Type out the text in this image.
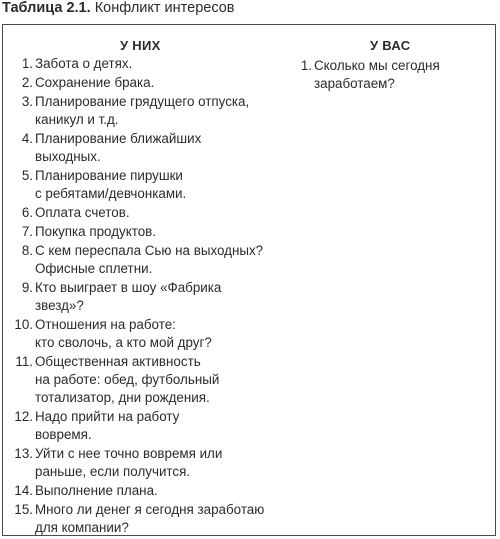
Таблица 2.1. Конфликт интересов
У НИХ	У ВАС
1. Забота о детях.
2. Сохранение брака.
3. Планирование грядущего отпуска,
каникул и т.д.
4. Планирование ближайших
выходных.
5. Планирование пирушки
с ребятами/девчонками.
6. Оплата счетов.
7. Покупка продуктов.
8. С кем переспала Сью на выходных?
Офисные сплетни.
9. Кто выиграет в шоу «Фабрика
звезд»?
10. Отношения на работе:
кто сволочь, а кто мой друг?
11. Общественная активность
на работе: обед, футбольный
тотализатор, дни рождения.
12. Надо прийти на работу
вовремя.
13. Уйти с нее точно вовремя или
раньше, если получится.
14. Выполнение плана.
15. Много ли денег я сегодня заработаю
для компании?
1. Сколько мы сегодня
заработаем?
